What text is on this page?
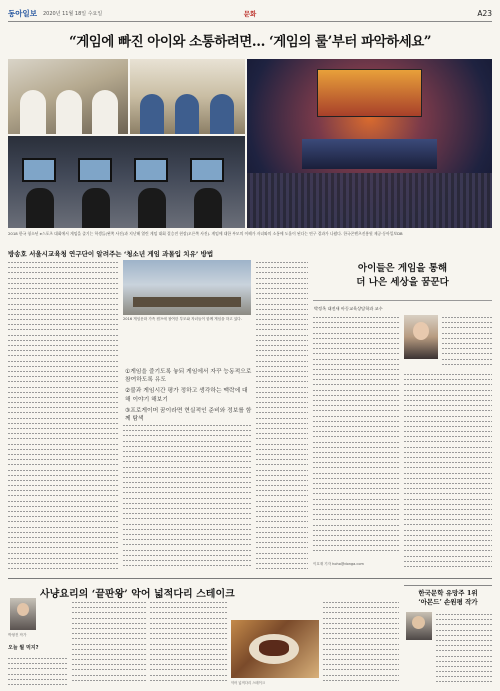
동아일보 2020년 11월 18일 수요일	문화	A23
“게임에 빠진 아이와 소통하려면… ‘게임의 룰’부터 파악하세요”
2018 한국 청소년 e스포츠 대회에서 게임을 즐기는 학생들(왼쪽 사진)과 지난해 열린 게임 대회 결승전 현장(오른쪽 사진). 게임에 대한 부모의 이해가 자녀와의 소통에 도움이 된다는 연구 결과가 나왔다. 한국콘텐츠진흥원 제공·동아일보DB
방송호 서울시교육청 연구단이 알려주는 ‘청소년 게임 과몰입 치유’ 방법
2016 게임문화 가족 캠프에 참여한 부모와 자녀들이 함께 게임을 하고 있다.

①게임을 즐기도록 놓되 게임에서 자꾸 능동적으로 참여하도록 유도

②불과 게임시간 평가 정하고 생각하는 맥락에 대해 이야기 해보기

③프로게이머 꿈이라면 현실적인 준비와 정보를 함께 탐색

이호재 기자 hoho@donga.com
아이들은 게임을 통해
더 나은 세상을 꿈꾼다
박정옥 대전새 아동교육상담학과 교수
사냥요리의 ‘끝판왕’ 악어 넓적다리 스테이크
박형진 작가
오늘 뭘 먹지?
악어 넓적다리 스테이크
한국문학 유망주 1위
‘아몬드’ 손원평 작가
